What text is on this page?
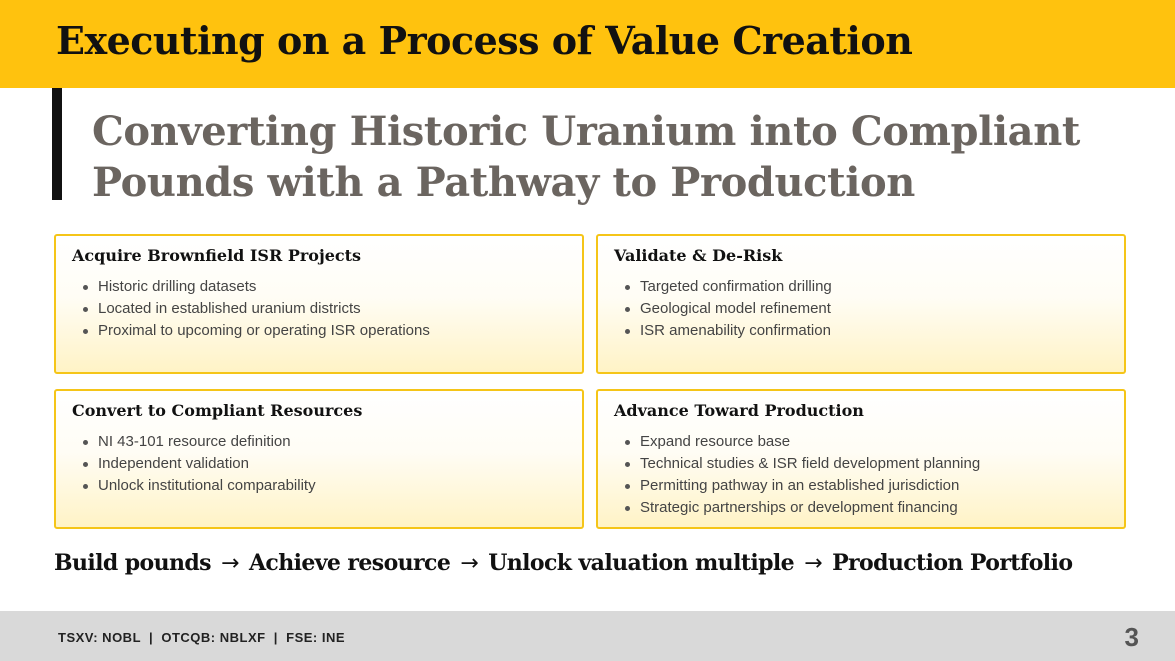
Executing on a Process of Value Creation
Converting Historic Uranium into Compliant
Pounds with a Pathway to Production
Acquire Brownfield ISR Projects
Historic drilling datasets
Located in established uranium districts
Proximal to upcoming or operating ISR operations
Validate & De-Risk
Targeted confirmation drilling
Geological model refinement
ISR amenability confirmation
Convert to Compliant Resources
NI 43-101 resource definition
Independent validation
Unlock institutional comparability
Advance Toward Production
Expand resource base
Technical studies & ISR field development planning
Permitting pathway in an established jurisdiction
Strategic partnerships or development financing
Build pounds → Achieve resource → Unlock valuation multiple → Production Portfolio
TSXV: NOBL  |  OTCQB: NBLXF  |  FSE: INE	3
